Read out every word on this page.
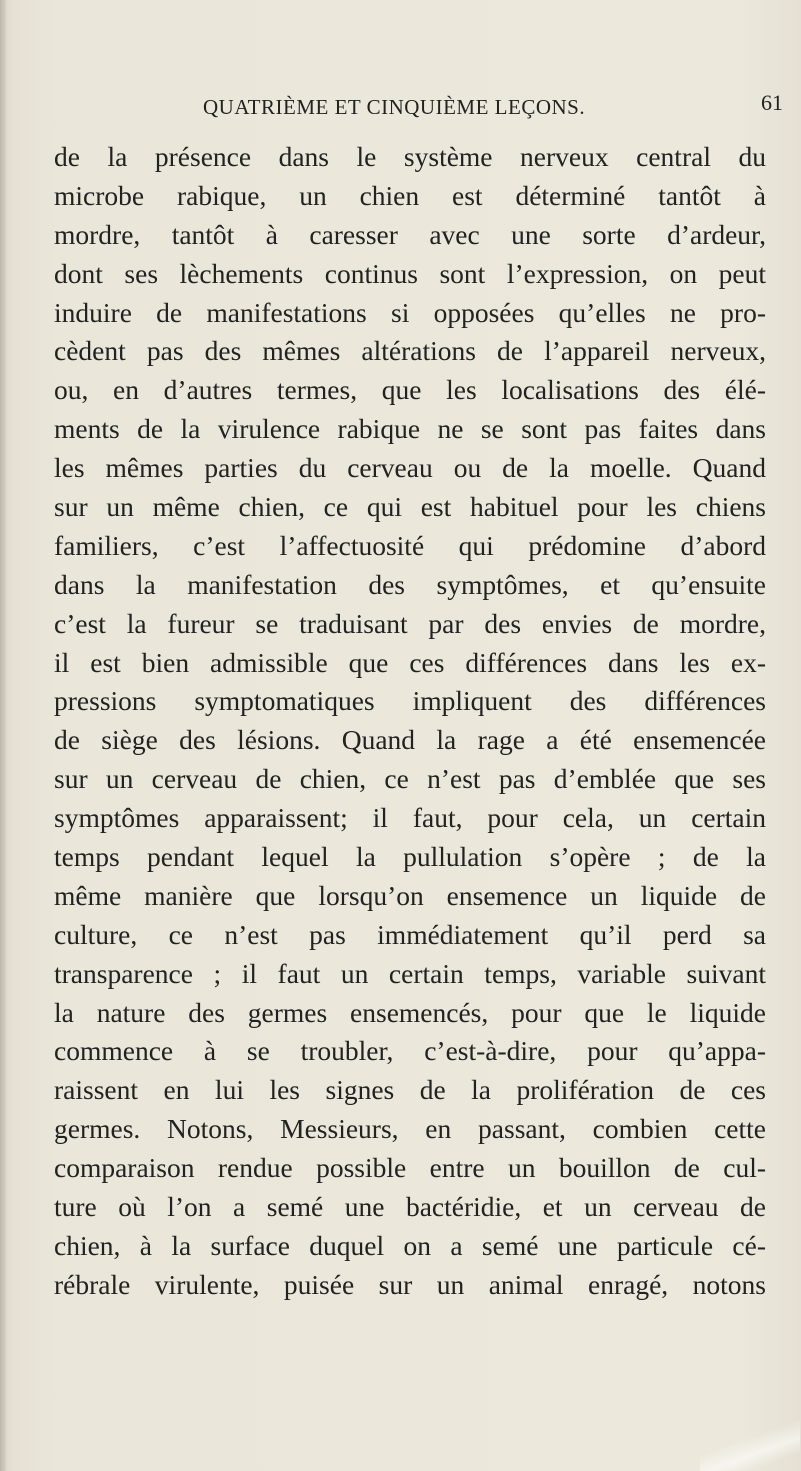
QUATRIÈME ET CINQUIÈME LEÇONS.	61
de la présence dans le système nerveux central du
microbe rabique, un chien est déterminé tantôt à
mordre, tantôt à caresser avec une sorte d’ardeur,
dont ses lèchements continus sont l’expression, on peut
induire de manifestations si opposées qu’elles ne pro-
cèdent pas des mêmes altérations de l’appareil nerveux,
ou, en d’autres termes, que les localisations des élé-
ments de la virulence rabique ne se sont pas faites dans
les mêmes parties du cerveau ou de la moelle. Quand
sur un même chien, ce qui est habituel pour les chiens
familiers, c’est l’affectuosité qui prédomine d’abord
dans la manifestation des symptômes, et qu’ensuite
c’est la fureur se traduisant par des envies de mordre,
il est bien admissible que ces différences dans les ex-
pressions symptomatiques impliquent des différences
de siège des lésions. Quand la rage a été ensemencée
sur un cerveau de chien, ce n’est pas d’emblée que ses
symptômes apparaissent; il faut, pour cela, un certain
temps pendant lequel la pullulation s’opère ; de la
même manière que lorsqu’on ensemence un liquide de
culture, ce n’est pas immédiatement qu’il perd sa
transparence ; il faut un certain temps, variable suivant
la nature des germes ensemencés, pour que le liquide
commence à se troubler, c’est-à-dire, pour qu’appa-
raissent en lui les signes de la prolifération de ces
germes. Notons, Messieurs, en passant, combien cette
comparaison rendue possible entre un bouillon de cul-
ture où l’on a semé une bactéridie, et un cerveau de
chien, à la surface duquel on a semé une particule cé-
rébrale virulente, puisée sur un animal enragé, notons
